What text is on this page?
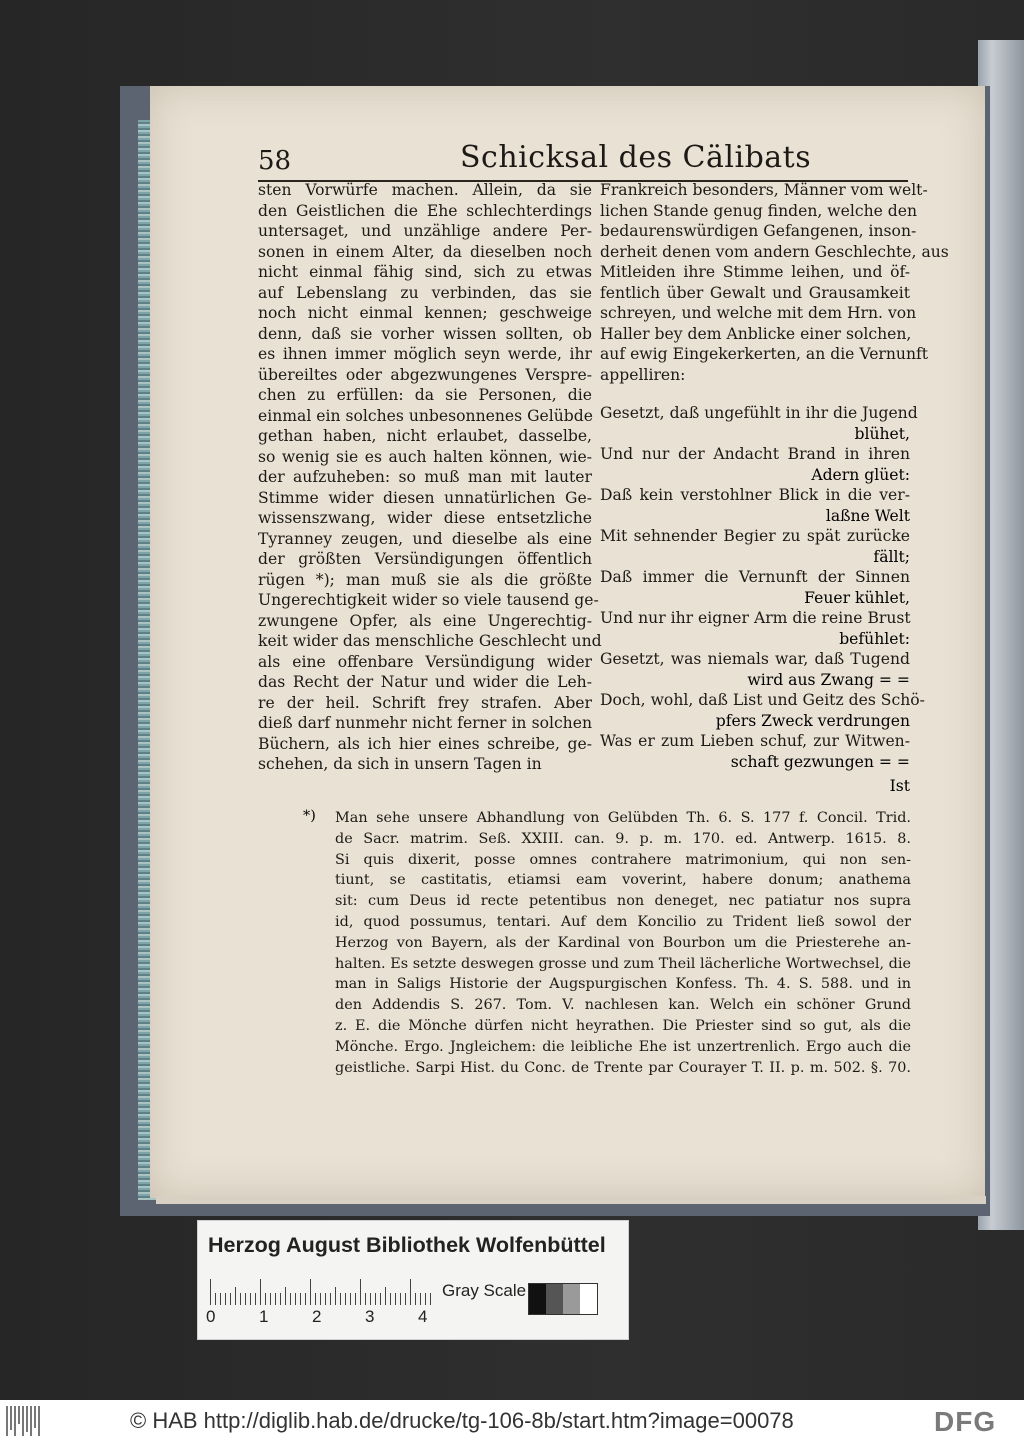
58	Schicksal des Cälibats
sten Vorwürfe machen. Allein, da sie
den Geistlichen die Ehe schlechterdings
untersaget, und unzählige andere Per-
sonen in einem Alter, da dieselben noch
nicht einmal fähig sind, sich zu etwas
auf Lebenslang zu verbinden, das sie
noch nicht einmal kennen; geschweige
denn, daß sie vorher wissen sollten, ob
es ihnen immer möglich seyn werde, ihr
übereiltes oder abgezwungenes Verspre-
chen zu erfüllen: da sie Personen, die
einmal ein solches unbesonnenes Gelübde
gethan haben, nicht erlaubet, dasselbe,
so wenig sie es auch halten können, wie-
der aufzuheben: so muß man mit lauter
Stimme wider diesen unnatürlichen Ge-
wissenszwang, wider diese entsetzliche
Tyranney zeugen, und dieselbe als eine
der größten Versündigungen öffentlich
rügen *); man muß sie als die größte
Ungerechtigkeit wider so viele tausend ge-
zwungene Opfer, als eine Ungerechtig-
keit wider das menschliche Geschlecht und
als eine offenbare Versündigung wider
das Recht der Natur und wider die Leh-
re der heil. Schrift frey strafen. Aber
dieß darf nunmehr nicht ferner in solchen
Büchern, als ich hier eines schreibe, ge-
schehen, da sich in unsern Tagen in
Frankreich besonders, Männer vom welt-
lichen Stande genug finden, welche den
bedaurenswürdigen Gefangenen, inson-
derheit denen vom andern Geschlechte, aus
Mitleiden ihre Stimme leihen, und öf-
fentlich über Gewalt und Grausamkeit
schreyen, und welche mit dem Hrn. von
Haller bey dem Anblicke einer solchen,
auf ewig Eingekerkerten, an die Vernunft
appelliren:
Gesetzt, daß ungefühlt in ihr die Jugend
blühet,
Und nur der Andacht Brand in ihren
Adern glüet:
Daß kein verstohlner Blick in die ver-
laßne Welt
Mit sehnender Begier zu spät zurücke
fällt;
Daß immer die Vernunft der Sinnen
Feuer kühlet,
Und nur ihr eigner Arm die reine Brust
befühlet:
Gesetzt, was niemals war, daß Tugend
wird aus Zwang = =
Doch, wohl, daß List und Geitz des Schö-
pfers Zweck verdrungen
Was er zum Lieben schuf, zur Witwen-
schaft gezwungen = =
Ist
*) Man sehe unsere Abhandlung von Gelübden Th. 6. S. 177 f. Concil. Trid.
de Sacr. matrim. Seß. XXIII. can. 9. p. m. 170. ed. Antwerp. 1615. 8.
Si quis dixerit, posse omnes contrahere matrimonium, qui non sen-
tiunt, se castitatis, etiamsi eam voverint, habere donum; anathema
sit: cum Deus id recte petentibus non deneget, nec patiatur nos supra
id, quod possumus, tentari. Auf dem Koncilio zu Trident ließ sowol der
Herzog von Bayern, als der Kardinal von Bourbon um die Priesterehe an-
halten. Es setzte deswegen grosse und zum Theil lächerliche Wortwechsel, die
man in Saligs Historie der Augspurgischen Konfess. Th. 4. S. 588. und in
den Addendis S. 267. Tom. V. nachlesen kan. Welch ein schöner Grund
z. E. die Mönche dürfen nicht heyrathen. Die Priester sind so gut, als die
Mönche. Ergo. Jngleichem: die leibliche Ehe ist unzertrenlich. Ergo auch die
geistliche. Sarpi Hist. du Conc. de Trente par Courayer T. II. p. m. 502. §. 70.
Herzog August Bibliothek Wolfenbüttel
0	1	2	3	4
Gray Scale
© HAB http://diglib.hab.de/drucke/tg-106-8b/start.htm?image=00078	DFG
